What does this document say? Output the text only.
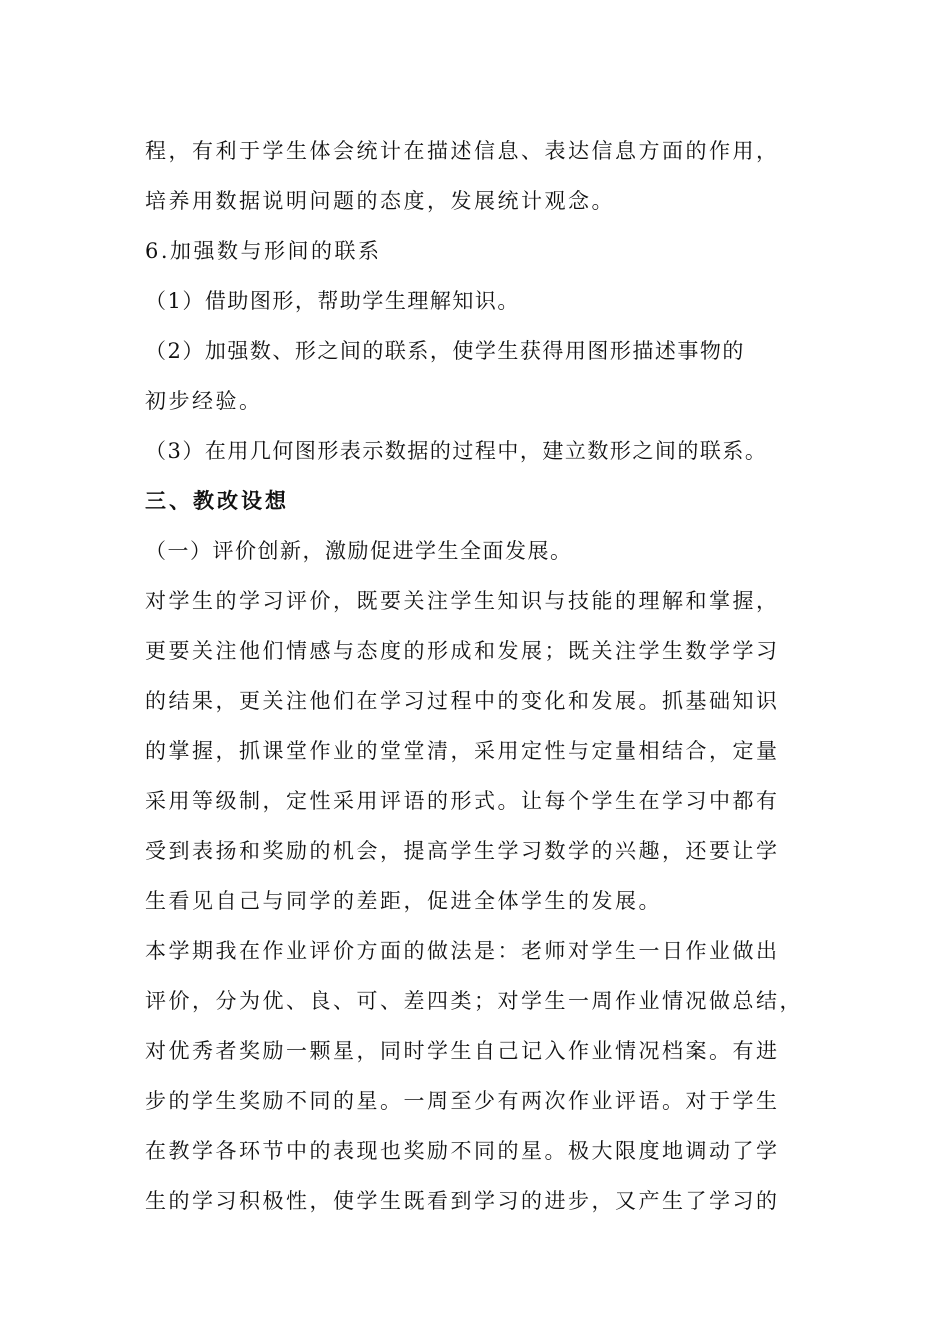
程，有利于学生体会统计在描述信息、表达信息方面的作用，
培养用数据说明问题的态度，发展统计观念。
6.加强数与形间的联系
（1）借助图形，帮助学生理解知识。
（2）加强数、形之间的联系，使学生获得用图形描述事物的
初步经验。
（3）在用几何图形表示数据的过程中，建立数形之间的联系。
三、教改设想
（一）评价创新，激励促进学生全面发展。
对学生的学习评价，既要关注学生知识与技能的理解和掌握，
更要关注他们情感与态度的形成和发展；既关注学生数学学习
的结果，更关注他们在学习过程中的变化和发展。抓基础知识
的掌握，抓课堂作业的堂堂清，采用定性与定量相结合，定量
采用等级制，定性采用评语的形式。让每个学生在学习中都有
受到表扬和奖励的机会，提高学生学习数学的兴趣，还要让学
生看见自己与同学的差距，促进全体学生的发展。
本学期我在作业评价方面的做法是：老师对学生一日作业做出
评价，分为优、良、可、差四类；对学生一周作业情况做总结，
对优秀者奖励一颗星，同时学生自己记入作业情况档案。有进
步的学生奖励不同的星。一周至少有两次作业评语。对于学生
在教学各环节中的表现也奖励不同的星。极大限度地调动了学
生的学习积极性，使学生既看到学习的进步，又产生了学习的
